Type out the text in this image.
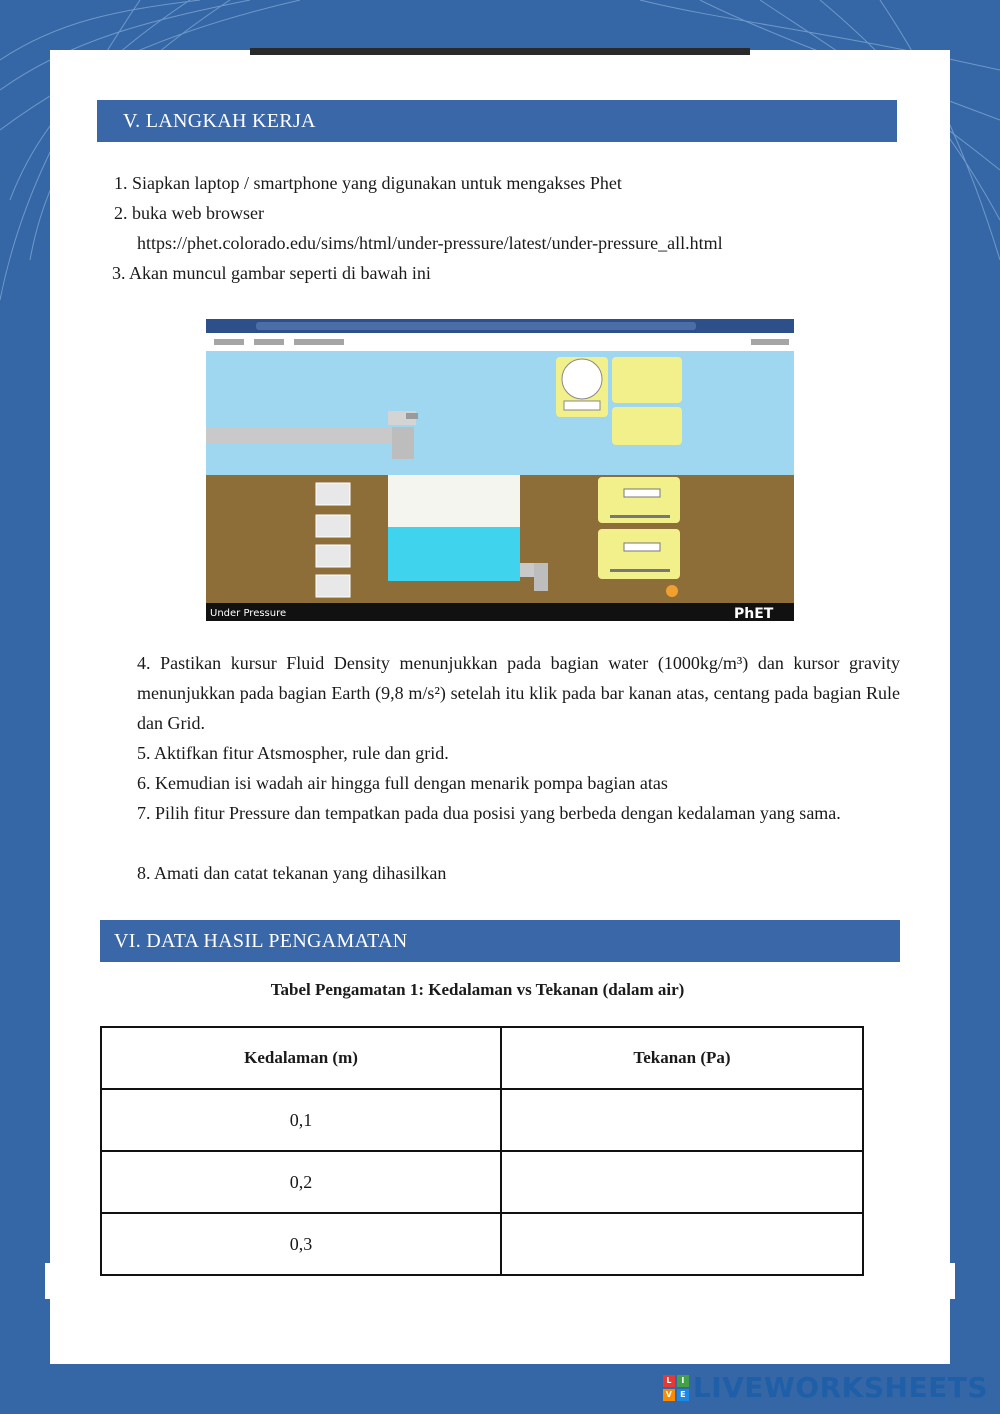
V. LANGKAH KERJA
1. Siapkan laptop / smartphone yang digunakan untuk mengakses Phet
2. buka web browser
https://phet.colorado.edu/sims/html/under-pressure/latest/under-pressure_all.html
3. Akan muncul gambar seperti di bawah ini
Under Pressure	PhET
4. Pastikan kursur Fluid Density menunjukkan pada bagian water (1000kg/m³) dan kursor gravity menunjukkan pada bagian Earth (9,8 m/s²) setelah itu klik pada bar kanan atas, centang pada bagian Rule dan Grid.
5. Aktifkan fitur Atsmospher, rule dan grid.
6. Kemudian isi wadah air hingga full dengan menarik pompa bagian atas
7. Pilih fitur Pressure dan tempatkan pada dua posisi yang berbeda dengan kedalaman yang sama.
8. Amati dan catat tekanan yang dihasilkan
VI. DATA HASIL PENGAMATAN
Tabel Pengamatan 1: Kedalaman vs Tekanan (dalam air)
Kedalaman (m)	Tekanan (Pa)
0,1	
0,2	
0,3	
L	I
V	E LIVEWORKSHEETS
